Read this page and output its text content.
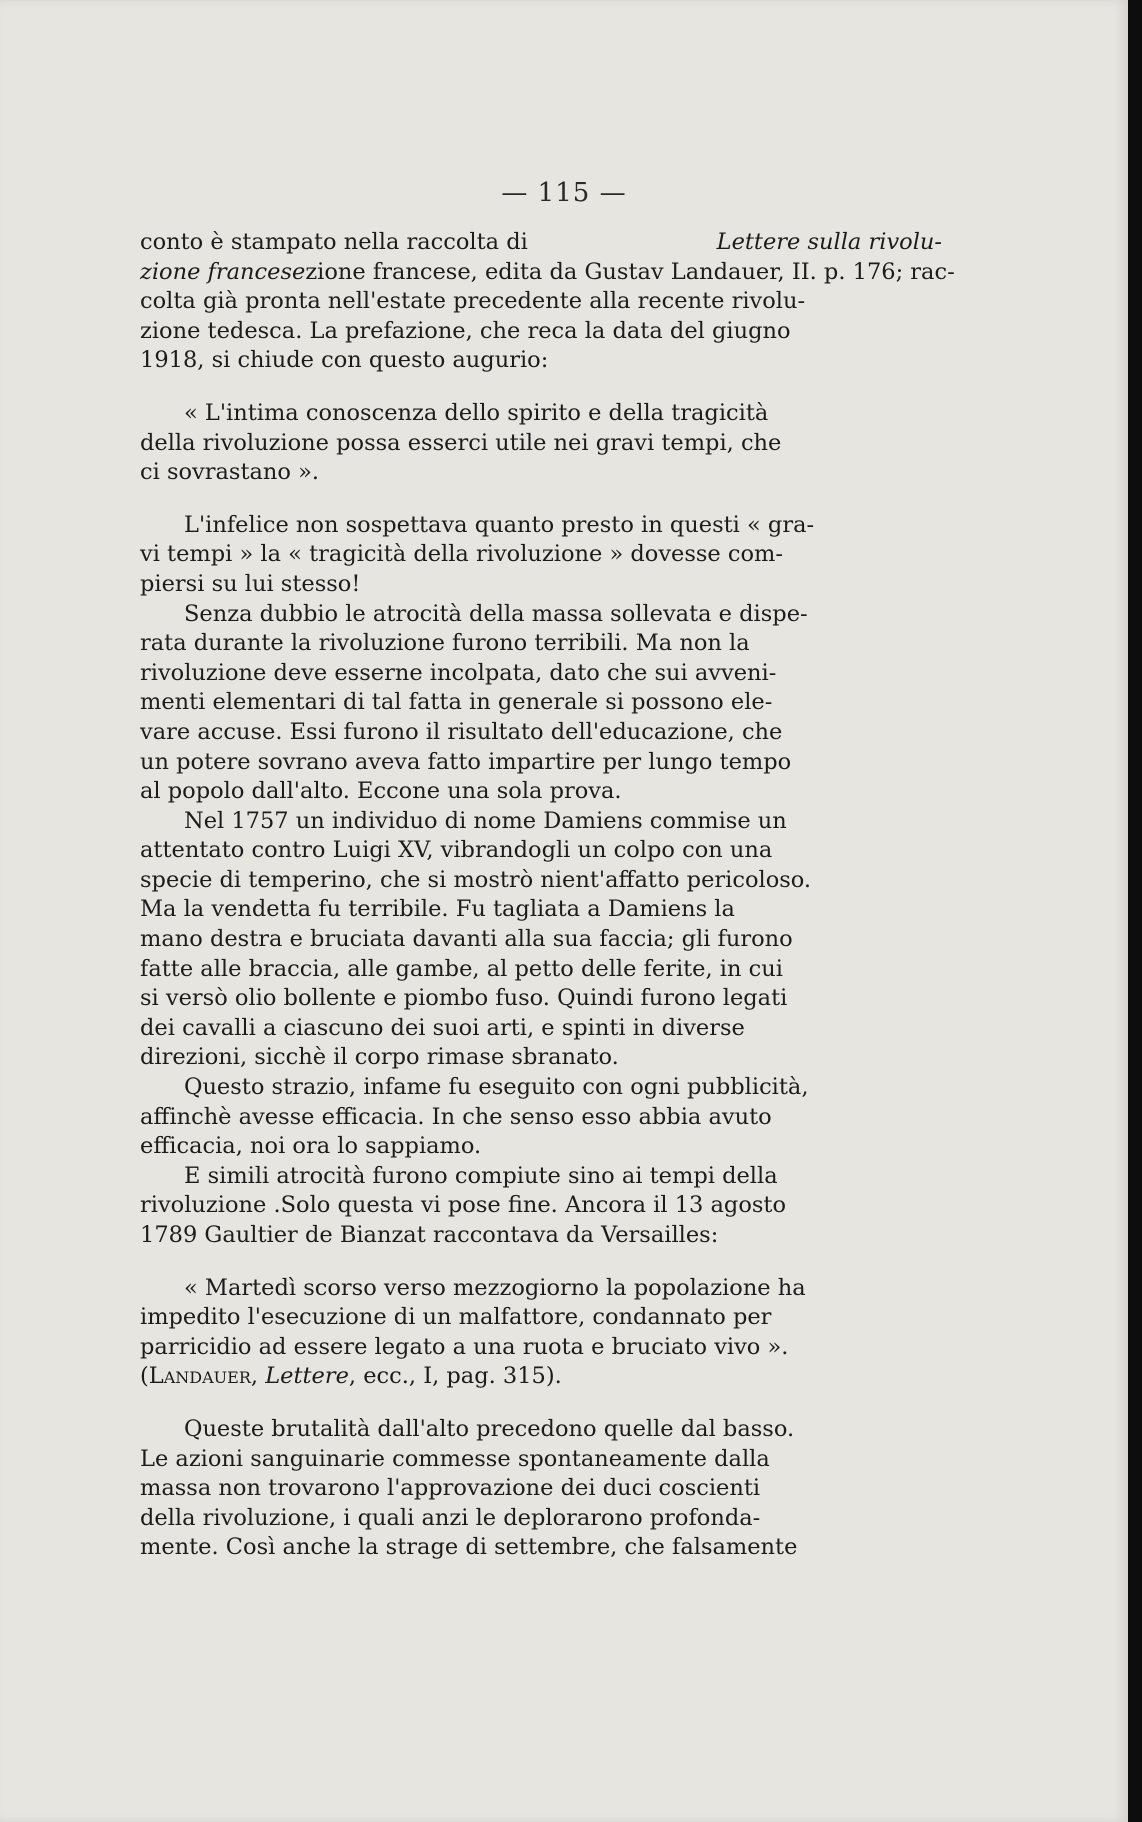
— 115 —
conto è stampato nella raccolta di	Lettere sulla rivolu-
zione francese zione francese, edita da Gustav Landauer, II. p. 176; rac-
colta già pronta nell'estate precedente alla recente rivolu-
zione tedesca. La prefazione, che reca la data del giugno
1918, si chiude con questo augurio:
« L'intima conoscenza dello spirito e della tragicità
della rivoluzione possa esserci utile nei gravi tempi, che
ci sovrastano ».
L'infelice non sospettava quanto presto in questi « gra-
vi tempi » la « tragicità della rivoluzione » dovesse com-
piersi su lui stesso!
Senza dubbio le atrocità della massa sollevata e dispe-
rata durante la rivoluzione furono terribili. Ma non la
rivoluzione deve esserne incolpata, dato che sui avveni-
menti elementari di tal fatta in generale si possono ele-
vare accuse. Essi furono il risultato dell'educazione, che
un potere sovrano aveva fatto impartire per lungo tempo
al popolo dall'alto. Eccone una sola prova.
Nel 1757 un individuo di nome Damiens commise un
attentato contro Luigi XV, vibrandogli un colpo con una
specie di temperino, che si mostrò nient'affatto pericoloso.
Ma la vendetta fu terribile. Fu tagliata a Damiens la
mano destra e bruciata davanti alla sua faccia; gli furono
fatte alle braccia, alle gambe, al petto delle ferite, in cui
si versò olio bollente e piombo fuso. Quindi furono legati
dei cavalli a ciascuno dei suoi arti, e spinti in diverse
direzioni, sicchè il corpo rimase sbranato.
Questo strazio, infame fu eseguito con ogni pubblicità,
affinchè avesse efficacia. In che senso esso abbia avuto
efficacia, noi ora lo sappiamo.
E simili atrocità furono compiute sino ai tempi della
rivoluzione .Solo questa vi pose fine. Ancora il 13 agosto
1789 Gaultier de Bianzat raccontava da Versailles:
« Martedì scorso verso mezzogiorno la popolazione ha
impedito l'esecuzione di un malfattore, condannato per
parricidio ad essere legato a una ruota e bruciato vivo ».
( Landauer , Lettere , ecc., I, pag. 315).
Queste brutalità dall'alto precedono quelle dal basso.
Le azioni sanguinarie commesse spontaneamente dalla
massa non trovarono l'approvazione dei duci coscienti
della rivoluzione, i quali anzi le deplorarono profonda-
mente. Così anche la strage di settembre, che falsamente
